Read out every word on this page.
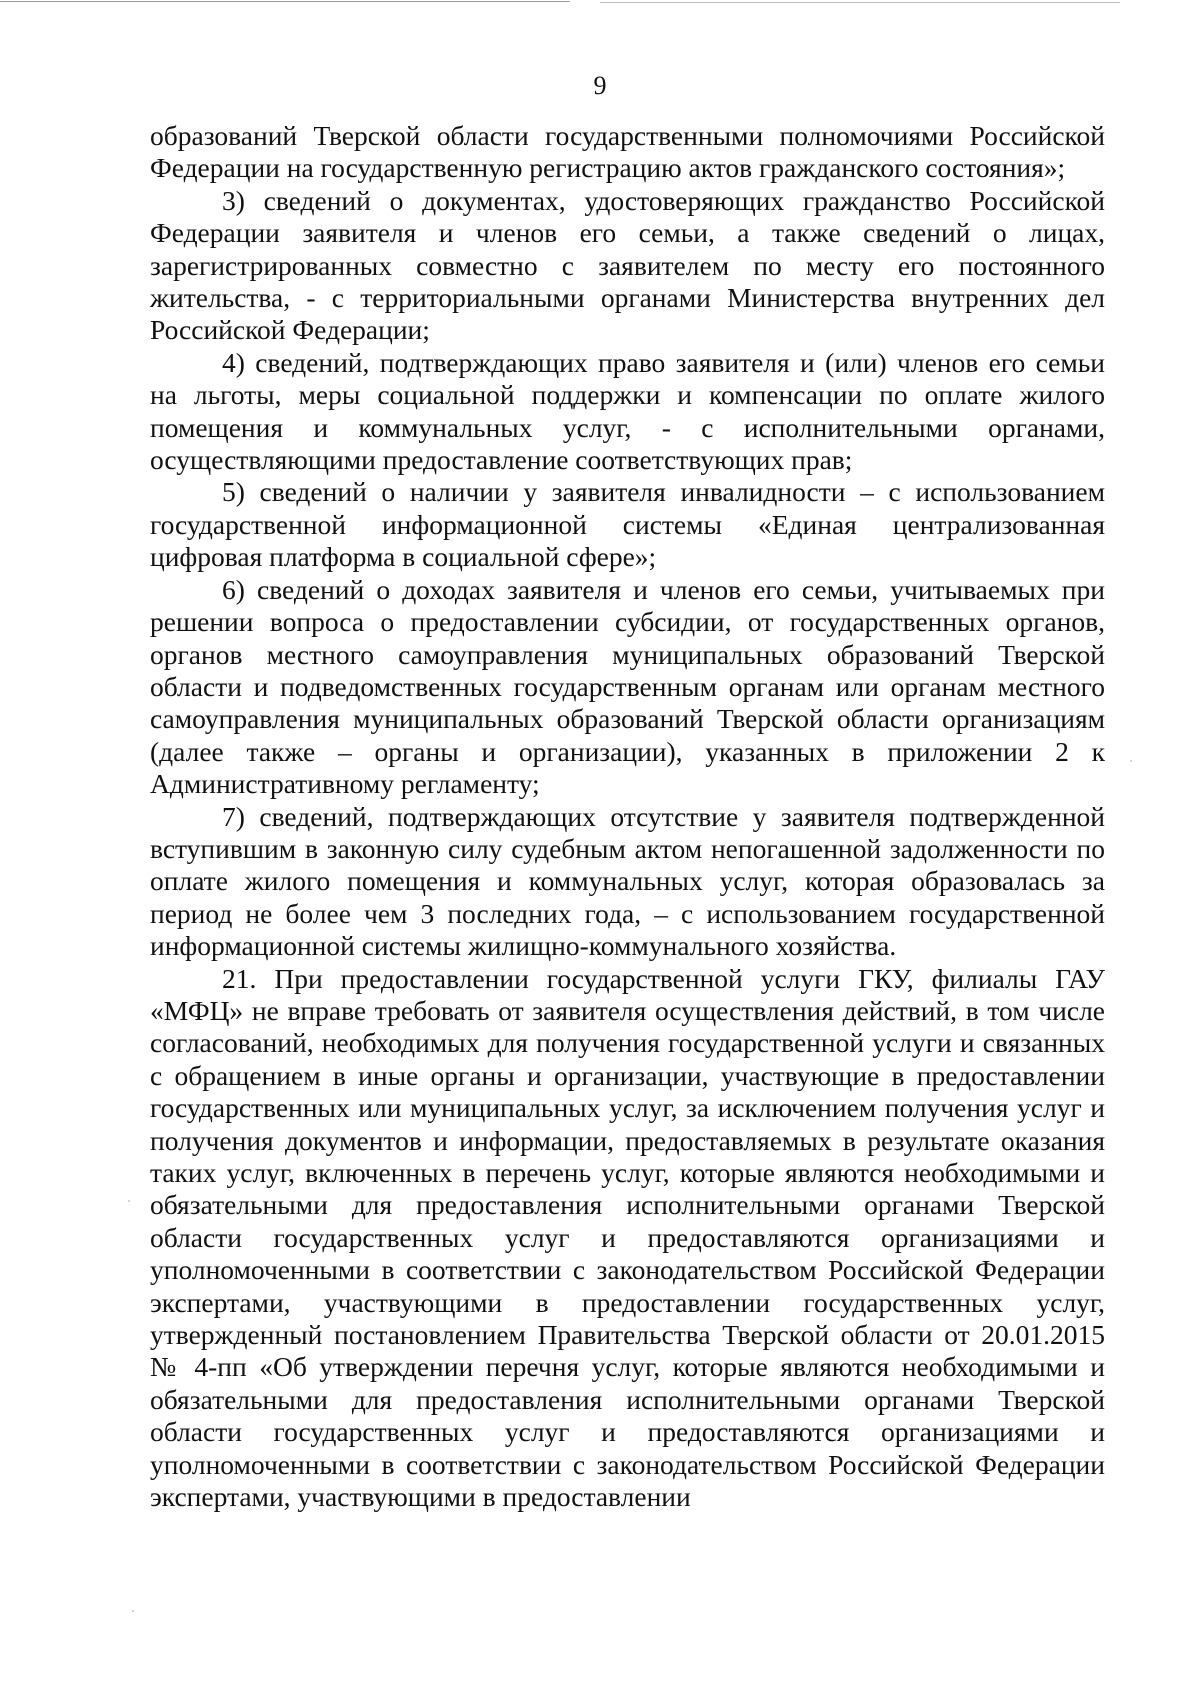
9

образований Тверской области государственными полномочиями Российской Федерации на государственную регистрацию актов гражданского состояния»;

3) сведений о документах, удостоверяющих гражданство Российской Федерации заявителя и членов его семьи, а также сведений о лицах, зарегистрированных совместно с заявителем по месту его постоянного жительства, - с территориальными органами Министерства внутренних дел Российской Федерации;

4) сведений, подтверждающих право заявителя и (или) членов его семьи на льготы, меры социальной поддержки и компенсации по оплате жилого помещения и коммунальных услуг, - с исполнительными органами, осуществляющими предоставление соответствующих прав;

5) сведений о наличии у заявителя инвалидности – с использованием государственной информационной системы «Единая централизованная цифровая платформа в социальной сфере»;

6) сведений о доходах заявителя и членов его семьи, учитываемых при решении вопроса о предоставлении субсидии, от государственных органов, органов местного самоуправления муниципальных образований Тверской области и подведомственных государственным органам или органам местного самоуправления муниципальных образований Тверской области организациям (далее также – органы и организации), указанных в приложении 2 к Административному регламенту;

7) сведений, подтверждающих отсутствие у заявителя подтвержденной вступившим в законную силу судебным актом непогашенной задолженности по оплате жилого помещения и коммунальных услуг, которая образовалась за период не более чем 3 последних года, – с использованием государственной информационной системы жилищно-коммунального хозяйства.

21. При предоставлении государственной услуги ГКУ, филиалы ГАУ «МФЦ» не вправе требовать от заявителя осуществления действий, в том числе согласований, необходимых для получения государственной услуги и связанных с обращением в иные органы и организации, участвующие в предоставлении государственных или муниципальных услуг, за исключением получения услуг и получения документов и информации, предоставляемых в результате оказания таких услуг, включенных в перечень услуг, которые являются необходимыми и обязательными для предоставления исполнительными органами Тверской области государственных услуг и предоставляются организациями и уполномоченными в соответствии с законодательством Российской Федерации экспертами, участвующими в предоставлении государственных услуг, утвержденный постановлением Правительства Тверской области от 20.01.2015 № 4-пп «Об утверждении перечня услуг, которые являются необходимыми и обязательными для предоставления исполнительными органами Тверской области государственных услуг и предоставляются организациями и уполномоченными в соответствии с законодательством Российской Федерации экспертами, участвующими в предоставлении
